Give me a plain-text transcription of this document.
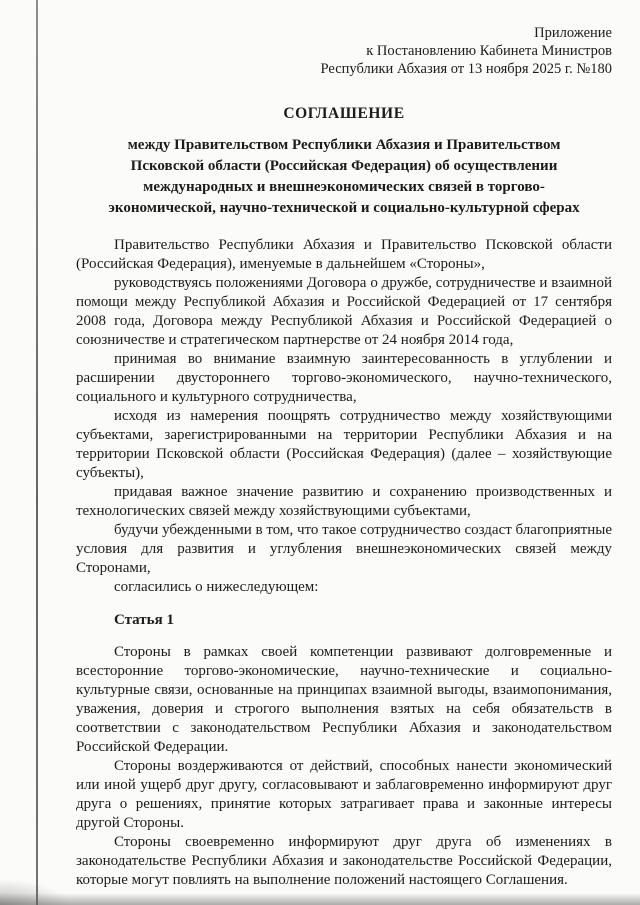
Приложение
к Постановлению Кабинета Министров
Республики Абхазия от 13 ноября 2025 г. №180
СОГЛАШЕНИЕ
между Правительством Республики Абхазия и Правительством
Псковской области (Российская Федерация) об осуществлении
международных и внешнеэкономических связей в торгово-
экономической, научно-технической и социально-культурной сферах

Правительство Республики Абхазия и Правительство Псковской области (Российская Федерация), именуемые в дальнейшем «Стороны»,

руководствуясь положениями Договора о дружбе, сотрудничестве и взаимной помощи между Республикой Абхазия и Российской Федерацией от 17 сентября 2008 года, Договора между Республикой Абхазия и Российской Федерацией о союзничестве и стратегическом партнерстве от 24 ноября 2014 года,

принимая во внимание взаимную заинтересованность в углублении и расширении двустороннего торгово-экономического, научно-технического, социального и культурного сотрудничества,

исходя из намерения поощрять сотрудничество между хозяйствующими субъектами, зарегистрированными на территории Республики Абхазия и на территории Псковской области (Российская Федерация) (далее – хозяйствующие субъекты),

придавая важное значение развитию и сохранению производственных и технологических связей между хозяйствующими субъектами,

будучи убежденными в том, что такое сотрудничество создаст благоприятные условия для развития и углубления внешнеэкономических связей между Сторонами,

согласились о нижеследующем:

Статья 1

Стороны в рамках своей компетенции развивают долговременные и всесторонние торгово-экономические, научно-технические и социально-культурные связи, основанные на принципах взаимной выгоды, взаимопонимания, уважения, доверия и строгого выполнения взятых на себя обязательств в соответствии с законодательством Республики Абхазия и законодательством Российской Федерации.

Стороны воздерживаются от действий, способных нанести экономический или иной ущерб друг другу, согласовывают и заблаговременно информируют друг друга о решениях, принятие которых затрагивает права и законные интересы другой Стороны.

Стороны своевременно информируют друг друга об изменениях в законодательстве Республики Абхазия и законодательстве Российской Федерации, которые могут повлиять на выполнение положений настоящего Соглашения.
